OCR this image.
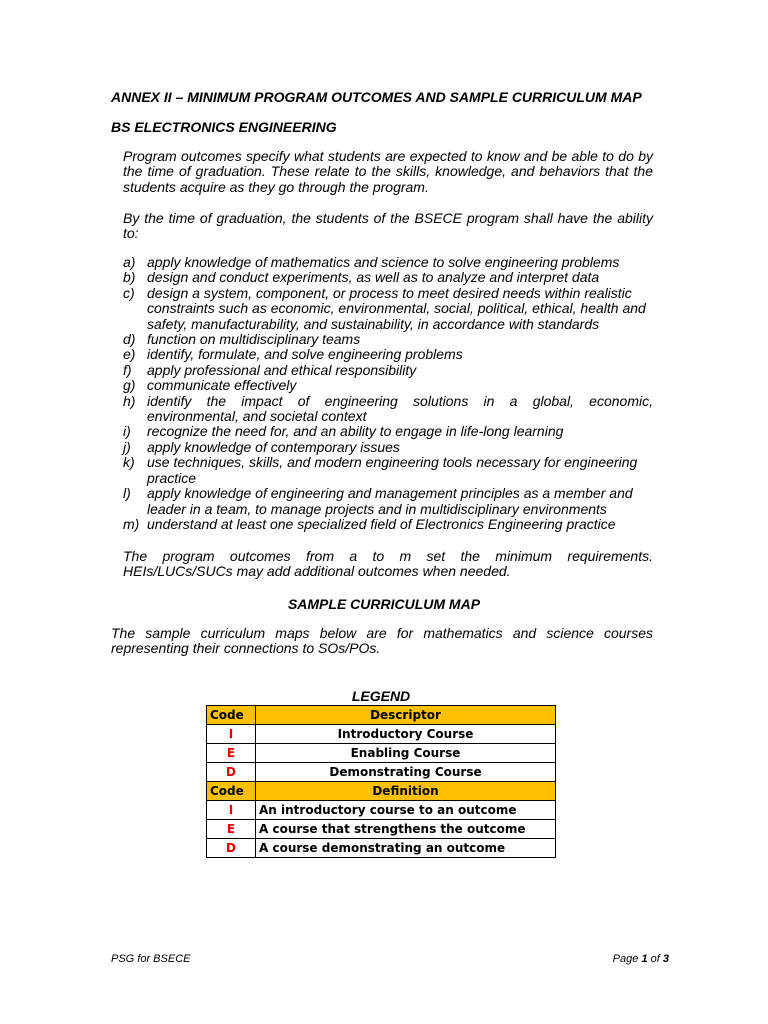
ANNEX II – MINIMUM PROGRAM OUTCOMES AND SAMPLE CURRICULUM MAP
BS ELECTRONICS ENGINEERING
Program outcomes specify what students are expected to know and be able to do by the time of graduation. These relate to the skills, knowledge, and behaviors that the students acquire as they go through the program.
By the time of graduation, the students of the BSECE program shall have the ability to:
a) apply knowledge of mathematics and science to solve engineering problems
b) design and conduct experiments, as well as to analyze and interpret data
c) design a system, component, or process to meet desired needs within realistic constraints such as economic, environmental, social, political, ethical, health and safety, manufacturability, and sustainability, in accordance with standards
d) function on multidisciplinary teams
e) identify, formulate, and solve engineering problems
f) apply professional and ethical responsibility
g) communicate effectively
h) identify the impact of engineering solutions in a global, economic,
environmental, and societal context
i) recognize the need for, and an ability to engage in life-long learning
j) apply knowledge of contemporary issues
k) use techniques, skills, and modern engineering tools necessary for engineering practice
l) apply knowledge of engineering and management principles as a member and leader in a team, to manage projects and in multidisciplinary environments
m) understand at least one specialized field of Electronics Engineering practice
The program outcomes from a to m set the minimum requirements.
HEIs/LUCs/SUCs may add additional outcomes when needed.
SAMPLE CURRICULUM MAP
The sample curriculum maps below are for mathematics and science courses
representing their connections to SOs/POs.
LEGEND
Code	Descriptor
I	Introductory Course
E	Enabling Course
D	Demonstrating Course
Code	Definition
I	An introductory course to an outcome
E	A course that strengthens the outcome
D	A course demonstrating an outcome
PSG for BSECE	Page 1 of 3
